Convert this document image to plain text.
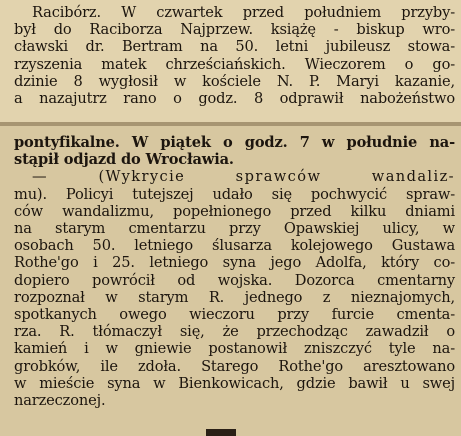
Racibórz. W czwartek przed południem przyby-
był do Raciborza Najprzew. książę - biskup wro-
cławski dr. Bertram na 50. letni jubileusz stowa-
rzyszenia matek chrześciańskich. Wieczorem o go-
dzinie 8 wygłosił w kościele N. P. Maryi kazanie,
a nazajutrz rano o godz. 8 odprawił nabożeństwo
pontyfikalne. W piątek o godz. 7 w południe na-
stąpił odjazd do Wrocławia.
— (Wykrycie sprawców wandaliz-
mu). Policyi tutejszej udało się pochwycić spraw-
ców wandalizmu, popełnionego przed kilku dniami
na starym cmentarzu przy Opawskiej ulicy, w
osobach 50. letniego ślusarza kolejowego Gustawa
Rothe'go i 25. letniego syna jego Adolfa, który co-
dopiero powrócił od wojska. Dozorca cmentarny
rozpoznał w starym R. jednego z nieznajomych,
spotkanych owego wieczoru przy furcie cmenta-
rza. R. tłómaczył się, że przechodząc zawadził o
kamień i w gniewie postanowił zniszczyć tyle na-
grobków, ile zdoła. Starego Rothe'go aresztowano
w mieście syna w Bienkowicach, gdzie bawił u swej
narzeczonej.
